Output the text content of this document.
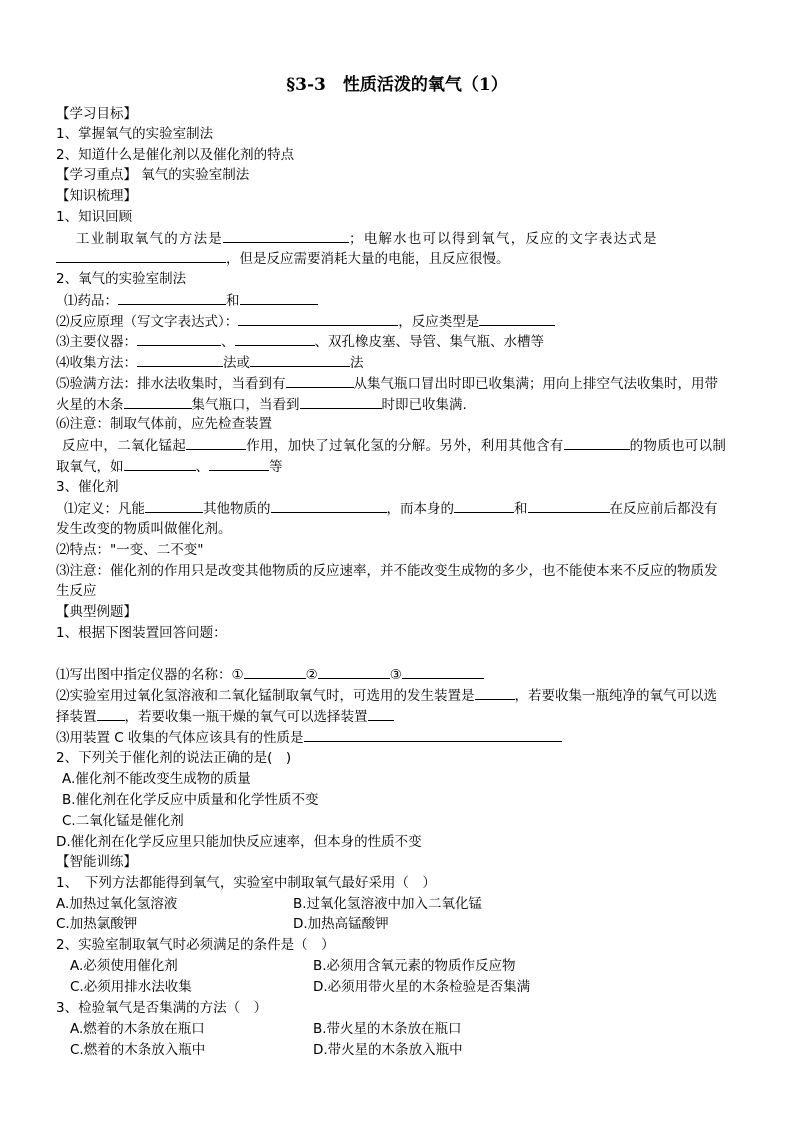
§3-3　性质活泼的氧气（1）
【学习目标】
1、掌握氧气的实验室制法
2、知道什么是催化剂以及催化剂的特点
【学习重点】 氧气的实验室制法
【知识梳理】
1、知识回顾
工业制取氧气的方法是	；电解水也可以得到氧气，反应的文字表达式是
，但是反应需要消耗大量的电能，且反应很慢。
2、氧气的实验室制法
⑴药品：	和
⑵反应原理（写文字表达式）：	，反应类型是
⑶主要仪器：	、	、双孔橡皮塞、导管、集气瓶、水槽等
⑷收集方法：	法或	法
⑸验满方法：排水法收集时，当看到有	从集气瓶口冒出时即已收集满；用向上排空气法收集时，用带
火星的木条	集气瓶口，当看到	时即已收集满.
⑹注意：制取气体前，应先检查装置
反应中，二氧化锰起	作用，加快了过氧化氢的分解。另外，利用其他含有	的物质也可以制
取氧气，如	、	等
3、催化剂
⑴定义：凡能	其他物质的	，而本身的	和	在反应前后都没有
发生改变的物质叫做催化剂。
⑵特点："一变、二不变"
⑶注意：催化剂的作用只是改变其他物质的反应速率，并不能改变生成物的多少，也不能使本来不反应的物质发
生反应
【典型例题】
1、根据下图装置回答问题：
⑴写出图中指定仪器的名称：①	②	③
⑵实验室用过氧化氢溶液和二氧化锰制取氧气时，可选用的发生装置是	，若要收集一瓶纯净的氧气可以选
择装置 ，若要收集一瓶干燥的氧气可以选择装置
⑶用装置 C 收集的气体应该具有的性质是
2、下列关于催化剂的说法正确的是(　)
A.催化剂不能改变生成物的质量
B.催化剂在化学反应中质量和化学性质不变
C.二氧化锰是催化剂
D.催化剂在化学反应里只能加快反应速率，但本身的性质不变
【智能训练】
1、　下列方法都能得到氧气，实验室中制取氧气最好采用（　）
A.加热过氧化氢溶液	B.过氧化氢溶液中加入二氧化锰
C.加热氯酸钾	D.加热高锰酸钾
2、实验室制取氧气时必须满足的条件是（　）
A.必须使用催化剂	B.必须用含氧元素的物质作反应物
C.必须用排水法收集	D.必须用带火星的木条检验是否集满
3、检验氧气是否集满的方法（　）
A.燃着的木条放在瓶口	B.带火星的木条放在瓶口
C.燃着的木条放入瓶中	D.带火星的木条放入瓶中
